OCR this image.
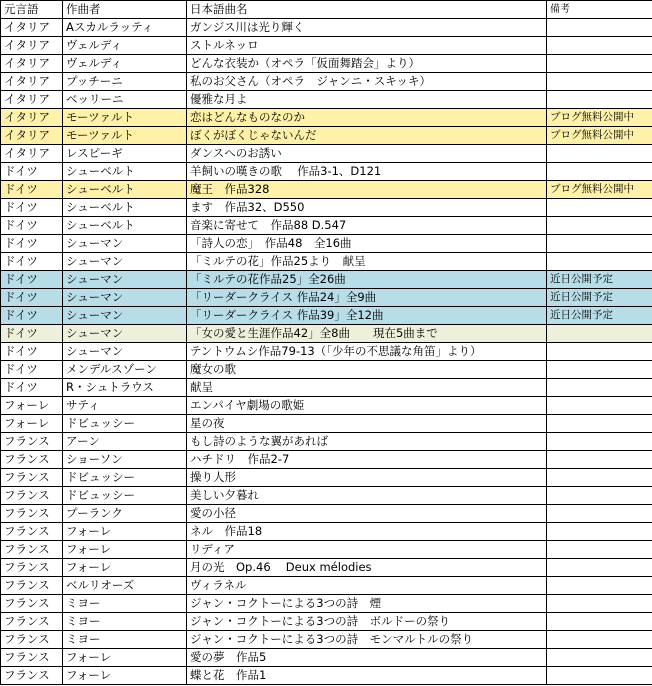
元言語	作曲者	日本語曲名	備考
イタリア	Aスカルラッティ	ガンジス川は光り輝く	
イタリア	ヴェルディ	ストルネッロ	
イタリア	ヴェルディ	どんな衣装か（オペラ「仮面舞踏会」より）	
イタリア	プッチーニ	私のお父さん（オペラ　ジャンニ・スキッキ）	
イタリア	ベッリーニ	優雅な月よ	
イタリア	モーツァルト	恋はどんなものなのか	ブログ無料公開中
イタリア	モーツァルト	ぼくがぼくじゃないんだ	ブログ無料公開中
イタリア	レスピーギ	ダンスへのお誘い	
ドイツ	シューベルト	羊飼いの嘆きの歌　 作品3-1、D121	
ドイツ	シューベルト	魔王　作品328	ブログ無料公開中
ドイツ	シューベルト	ます　作品32、D550	
ドイツ	シューベルト	音楽に寄せて　作品88 D.547	
ドイツ	シューマン	「詩人の恋」　作品48　全16曲	
ドイツ	シューマン	「ミルテの花」作品25より　献呈	
ドイツ	シューマン	「ミルテの花作品25」全26曲	近日公開予定
ドイツ	シューマン	「リーダークライス 作品24」全9曲	近日公開予定
ドイツ	シューマン	「リーダークライス 作品39」全12曲	近日公開予定
ドイツ	シューマン	「女の愛と生涯作品42」全8曲　　現在5曲まで	
ドイツ	シューマン	テントウムシ作品79-13（「少年の不思議な角笛」より）	
ドイツ	メンデルスゾーン	魔女の歌	
ドイツ	R・シュトラウス	献呈	
フォーレ	サティ	エンパイヤ劇場の歌姫	
フォーレ	ドビュッシー	星の夜	
フランス	アーン	もし詩のような翼があれば	
フランス	ショーソン	ハチドリ　作品2-7	
フランス	ドビュッシー	操り人形	
フランス	ドビュッシー	美しい夕暮れ	
フランス	プーランク	愛の小径	
フランス	フォーレ	ネル　作品18	
フランス	フォーレ	リディア	
フランス	フォーレ	月の光　Op.46　 Deux mélodies	
フランス	ベルリオーズ	ヴィラネル	
フランス	ミヨー	ジャン・コクトーによる3つの詩　煙	
フランス	ミヨー	ジャン・コクトーによる3つの詩　ボルドーの祭り	
フランス	ミヨー	ジャン・コクトーによる3つの詩　モンマルトルの祭り	
フランス	フォーレ	愛の夢　作品5	
フランス	フォーレ	蝶と花　作品1	
